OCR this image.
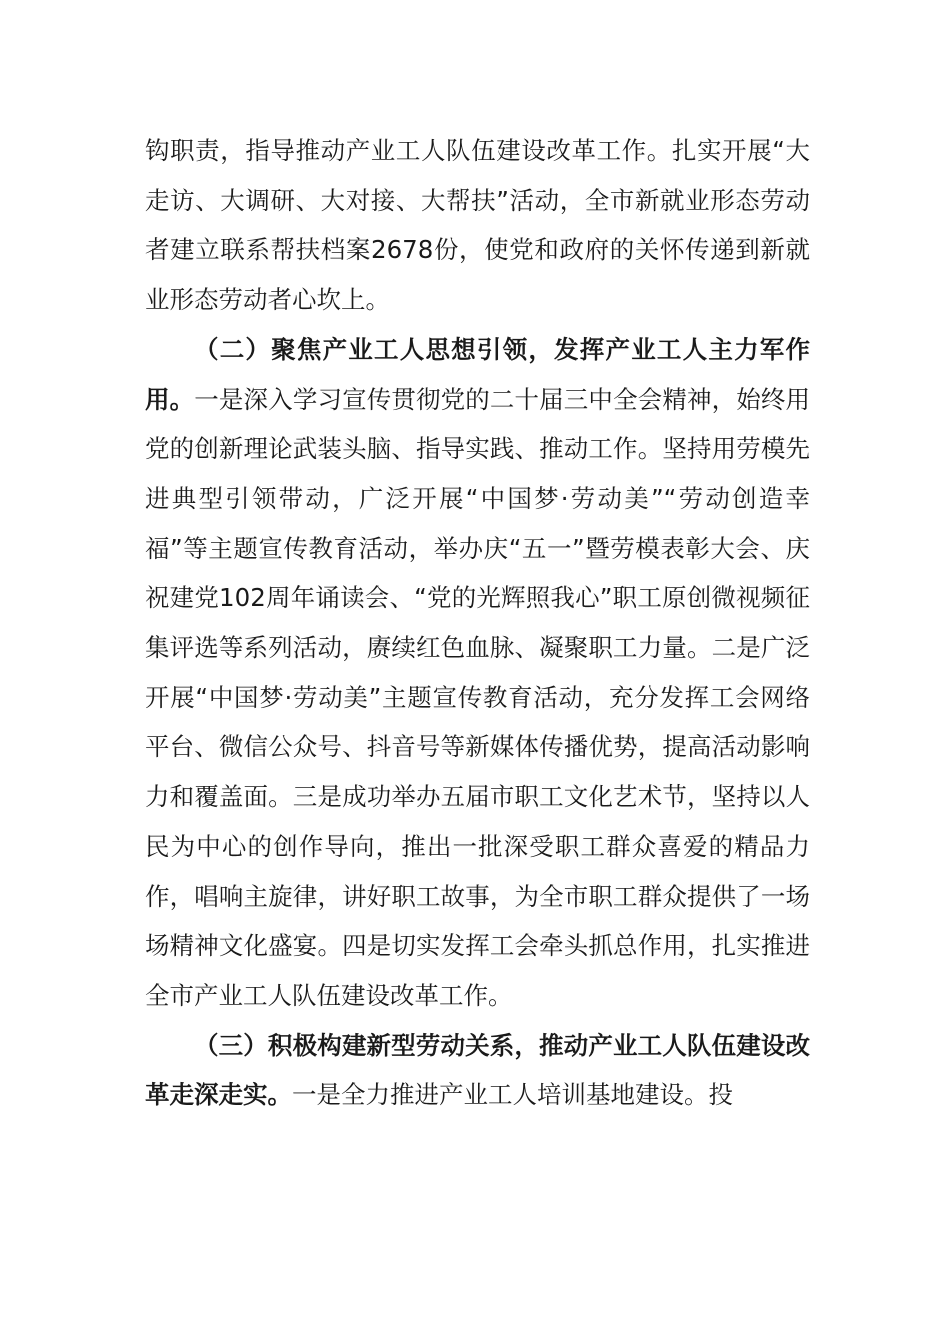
钩职责，指导推动产业工人队伍建设改革工作。扎实开展“大走访、大调研、大对接、大帮扶”活动，全市新就业形态劳动者建立联系帮扶档案2678份，使党和政府的关怀传递到新就业形态劳动者心坎上。

（二）聚焦产业工人思想引领，发挥产业工人主力军作用。一是深入学习宣传贯彻党的二十届三中全会精神，始终用党的创新理论武装头脑、指导实践、推动工作。坚持用劳模先进典型引领带动，广泛开展“中国梦·劳动美”“劳动创造幸福”等主题宣传教育活动，举办庆“五一”暨劳模表彰大会、庆祝建党102周年诵读会、“党的光辉照我心”职工原创微视频征集评选等系列活动，赓续红色血脉、凝聚职工力量。二是广泛开展“中国梦·劳动美”主题宣传教育活动，充分发挥工会网络平台、微信公众号、抖音号等新媒体传播优势，提高活动影响力和覆盖面。三是成功举办五届市职工文化艺术节，坚持以人民为中心的创作导向，推出一批深受职工群众喜爱的精品力作，唱响主旋律，讲好职工故事，为全市职工群众提供了一场场精神文化盛宴。四是切实发挥工会牵头抓总作用，扎实推进全市产业工人队伍建设改革工作。

（三）积极构建新型劳动关系，推动产业工人队伍建设改革走深走实。一是全力推进产业工人培训基地建设。投
